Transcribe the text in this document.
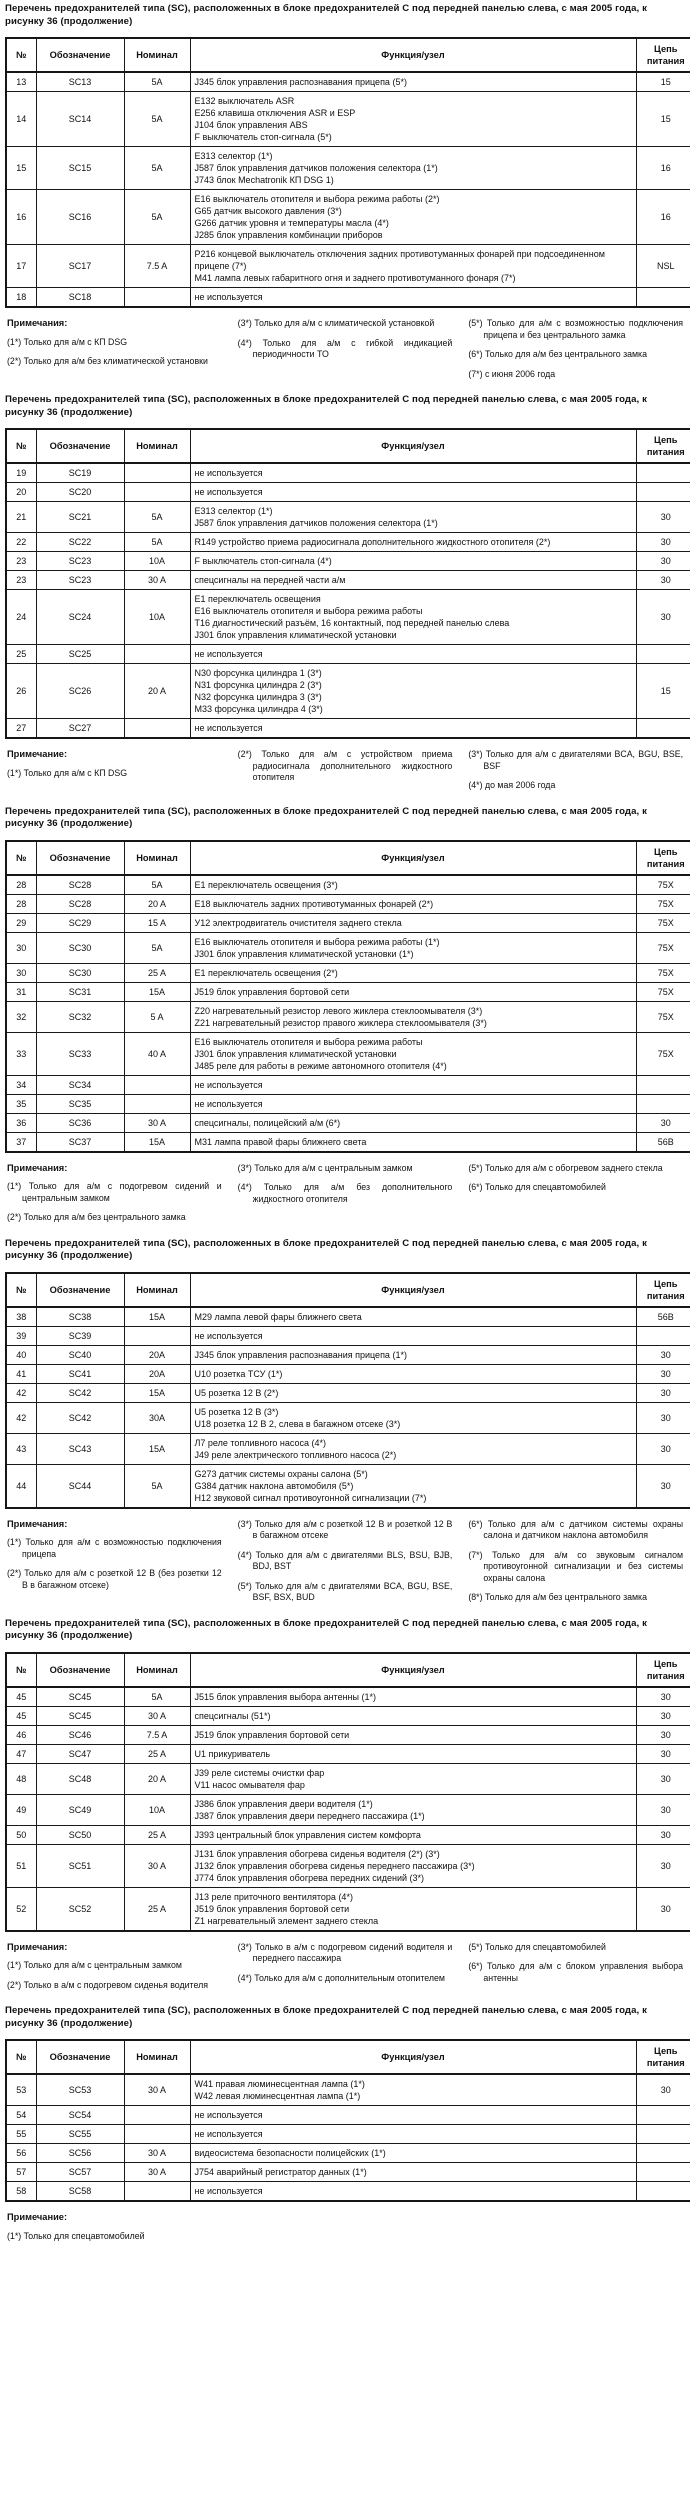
Перечень предохранителей типа (SC), расположенных в блоке предохранителей С под передней панелью слева, с мая 2005 года, к рисунку 36 (продолжение)
№	Обозначение	Номинал	Функция/узел	Цепь питания
13	SC13	5A	J345 блок управления распознавания прицепа (5*)	15
14	SC14	5A	E132 выключатель ASR
E256 клавиша отключения ASR и ESP
J104 блок управления ABS
F выключатель стоп-сигнала (5*)	15
15	SC15	5A	E313 селектор (1*)
J587 блок управления датчиков положения селектора (1*)
J743 блок Mechatronik КП DSG 1)	16
16	SC16	5A	E16 выключатель отопителя и выбора режима работы (2*)
G65 датчик высокого давления (3*)
G266 датчик уровня и температуры масла (4*)
J285 блок управления комбинации приборов	16
17	SC17	7.5 A	P216 концевой выключатель отключения задних противотуманных фонарей при подсоединенном прицепе (7*)
M41 лампа левых габаритного огня и заднего противотуманного фонаря (7*)	NSL
18	SC18		не используется	

Примечания:
(1*) Только для а/м с КП DSG
(2*) Только для а/м без климатической установки
(3*) Только для а/м с климатической установкой
(4*) Только для а/м с гибкой индикацией периодичности ТО
(5*) Только для а/м с возможностью подключения прицепа и без центрального замка
(6*) Только для а/м без центрального замка
(7*) с июня 2006 года
Перечень предохранителей типа (SC), расположенных в блоке предохранителей С под передней панелью слева, с мая 2005 года, к рисунку 36 (продолжение)
№	Обозначение	Номинал	Функция/узел	Цепь питания
19	SC19		не используется	

20	SC20		не используется	

21	SC21	5A	E313 селектор (1*)
J587 блок управления датчиков положения селектора (1*)	30
22	SC22	5A	R149 устройство приема радиосигнала дополнительного жидкостного отопителя (2*)	30
23	SC23	10A	F выключатель стоп-сигнала (4*)	30
23	SC23	30 A	спецсигналы на передней части а/м	30
24	SC24	10A	E1 переключатель освещения
E16 выключатель отопителя и выбора режима работы
T16 диагностический разъём, 16 контактный, под передней панелью слева
J301 блок управления климатической установки	30
25	SC25		не используется	

26	SC26	20 A	N30 форсунка цилиндра 1 (3*)
N31 форсунка цилиндра 2 (3*)
N32 форсунка цилиндра 3 (3*)
М33 форсунка цилиндра 4 (3*)	15
27	SC27		не используется	

Примечание:
(1*) Только для а/м с КП DSG
(2*) Только для а/м с устройством приема радиосигнала дополнительного жидкостного отопителя
(3*) Только для а/м с двигателями BCA, BGU, BSE, BSF
(4*) до мая 2006 года
Перечень предохранителей типа (SC), расположенных в блоке предохранителей С под передней панелью слева, с мая 2005 года, к рисунку 36 (продолжение)
№	Обозначение	Номинал	Функция/узел	Цепь питания
28	SC28	5A	E1 переключатель освещения (3*)	75X
28	SC28	20 A	E18 выключатель задних противотуманных фонарей (2*)	75X
29	SC29	15 A	У12 электродвигатель очистителя заднего стекла	75X
30	SC30	5A	E16 выключатель отопителя и выбора режима работы (1*)
J301 блок управления климатической установки (1*)	75X
30	SC30	25 A	E1 переключатель освещения (2*)	75X
31	SC31	15A	J519 блок управления бортовой сети	75X
32	SC32	5 A	Z20 нагревательный резистор левого жиклера стеклоомывателя (3*)
Z21 нагревательный резистор правого жиклера стеклоомывателя (3*)	75X
33	SC33	40 A	E16 выключатель отопителя и выбора режима работы
J301 блок управления климатической установки
J485 реле для работы в режиме автономного отопителя (4*)	75X
34	SC34		не используется	

35	SC35		не используется	

36	SC36	30 A	спецсигналы, полицейский а/м (6*)	30
37	SC37	15A	M31 лампа правой фары ближнего света	56B
Примечания:
(1*) Только для а/м с подогревом сидений и центральным замком
(2*) Только для а/м без центрального замка
(3*) Только для а/м с центральным замком
(4*) Только для а/м без дополнительного жидкостного отопителя
(5*) Только для а/м с обогревом заднего стекла
(6*) Только для спецавтомобилей
Перечень предохранителей типа (SC), расположенных в блоке предохранителей С под передней панелью слева, с мая 2005 года, к рисунку 36 (продолжение)
№	Обозначение	Номинал	Функция/узел	Цепь питания
38	SC38	15A	M29 лампа левой фары ближнего света	56B
39	SC39		не используется	

40	SC40	20A	J345 блок управления распознавания прицепа (1*)	30
41	SC41	20A	U10 розетка ТСУ (1*)	30
42	SC42	15A	U5 розетка 12 В (2*)	30
42	SC42	30A	U5 розетка 12 В (3*)
U18 розетка 12 В 2, слева в багажном отсеке (3*)	30
43	SC43	15A	Л7 реле топливного насоса (4*)
J49 реле электрического топливного насоса (2*)	30
44	SC44	5A	G273 датчик системы охраны салона (5*)
G384 датчик наклона автомобиля (5*)
H12 звуковой сигнал противоугонной сигнализации (7*)	30
Примечания:
(1*) Только для а/м с возможностью подключения прицепа
(2*) Только для а/м с розеткой 12 В (без розетки 12 В в багажном отсеке)
(3*) Только для а/м с розеткой 12 В и розеткой 12 В в багажном отсеке
(4*) Только для а/м с двигателями BLS, BSU, BJB, BDJ, BST
(5*) Только для а/м с двигателями BCA, BGU, BSE, BSF, BSX, BUD
(6*) Только для а/м с датчиком системы охраны салона и датчиком наклона автомобиля
(7*) Только для а/м со звуковым сигналом противоугонной сигнализации и без системы охраны салона
(8*) Только для а/м без центрального замка
Перечень предохранителей типа (SC), расположенных в блоке предохранителей С под передней панелью слева, с мая 2005 года, к рисунку 36 (продолжение)
№	Обозначение	Номинал	Функция/узел	Цепь питания
45	SC45	5A	J515 блок управления выбора антенны (1*)	30
45	SC45	30 A	спецсигналы (51*)	30
46	SC46	7.5 A	J519 блок управления бортовой сети	30
47	SC47	25 A	U1 прикуриватель	30
48	SC48	20 A	J39 реле системы очистки фар
V11 насос омывателя фар	30
49	SC49	10A	J386 блок управления двери водителя (1*)
J387 блок управления двери переднего пассажира (1*)	30
50	SC50	25 A	J393 центральный блок управления систем комфорта	30
51	SC51	30 A	J131 блок управления обогрева сиденья водителя (2*) (3*)
J132 блок управления обогрева сиденья переднего пассажира (3*)
J774 блок управления обогрева передних сидений (3*)	30
52	SC52	25 A	J13 реле приточного вентилятора (4*)
J519 блок управления бортовой сети
Z1 нагревательный элемент заднего стекла	30
Примечания:
(1*) Только для а/м с центральным замком
(2*) Только в а/м с подогревом сиденья водителя
(3*) Только в а/м с подогревом сидений водителя и переднего пассажира
(4*) Только для а/м с дополнительным отопителем
(5*) Только для спецавтомобилей
(6*) Только для а/м с блоком управления выбора антенны
Перечень предохранителей типа (SC), расположенных в блоке предохранителей С под передней панелью слева, с мая 2005 года, к рисунку 36 (продолжение)
№	Обозначение	Номинал	Функция/узел	Цепь питания
53	SC53	30 A	W41 правая люминесцентная лампа (1*)
W42 левая люминесцентная лампа (1*)	30
54	SC54		не используется	

55	SC55		не используется	

56	SC56	30 A	видеосистема безопасности полицейских (1*)	

57	SC57	30 A	J754 аварийный регистратор данных (1*)	

58	SC58		не используется	

Примечание:
(1*) Только для спецавтомобилей
